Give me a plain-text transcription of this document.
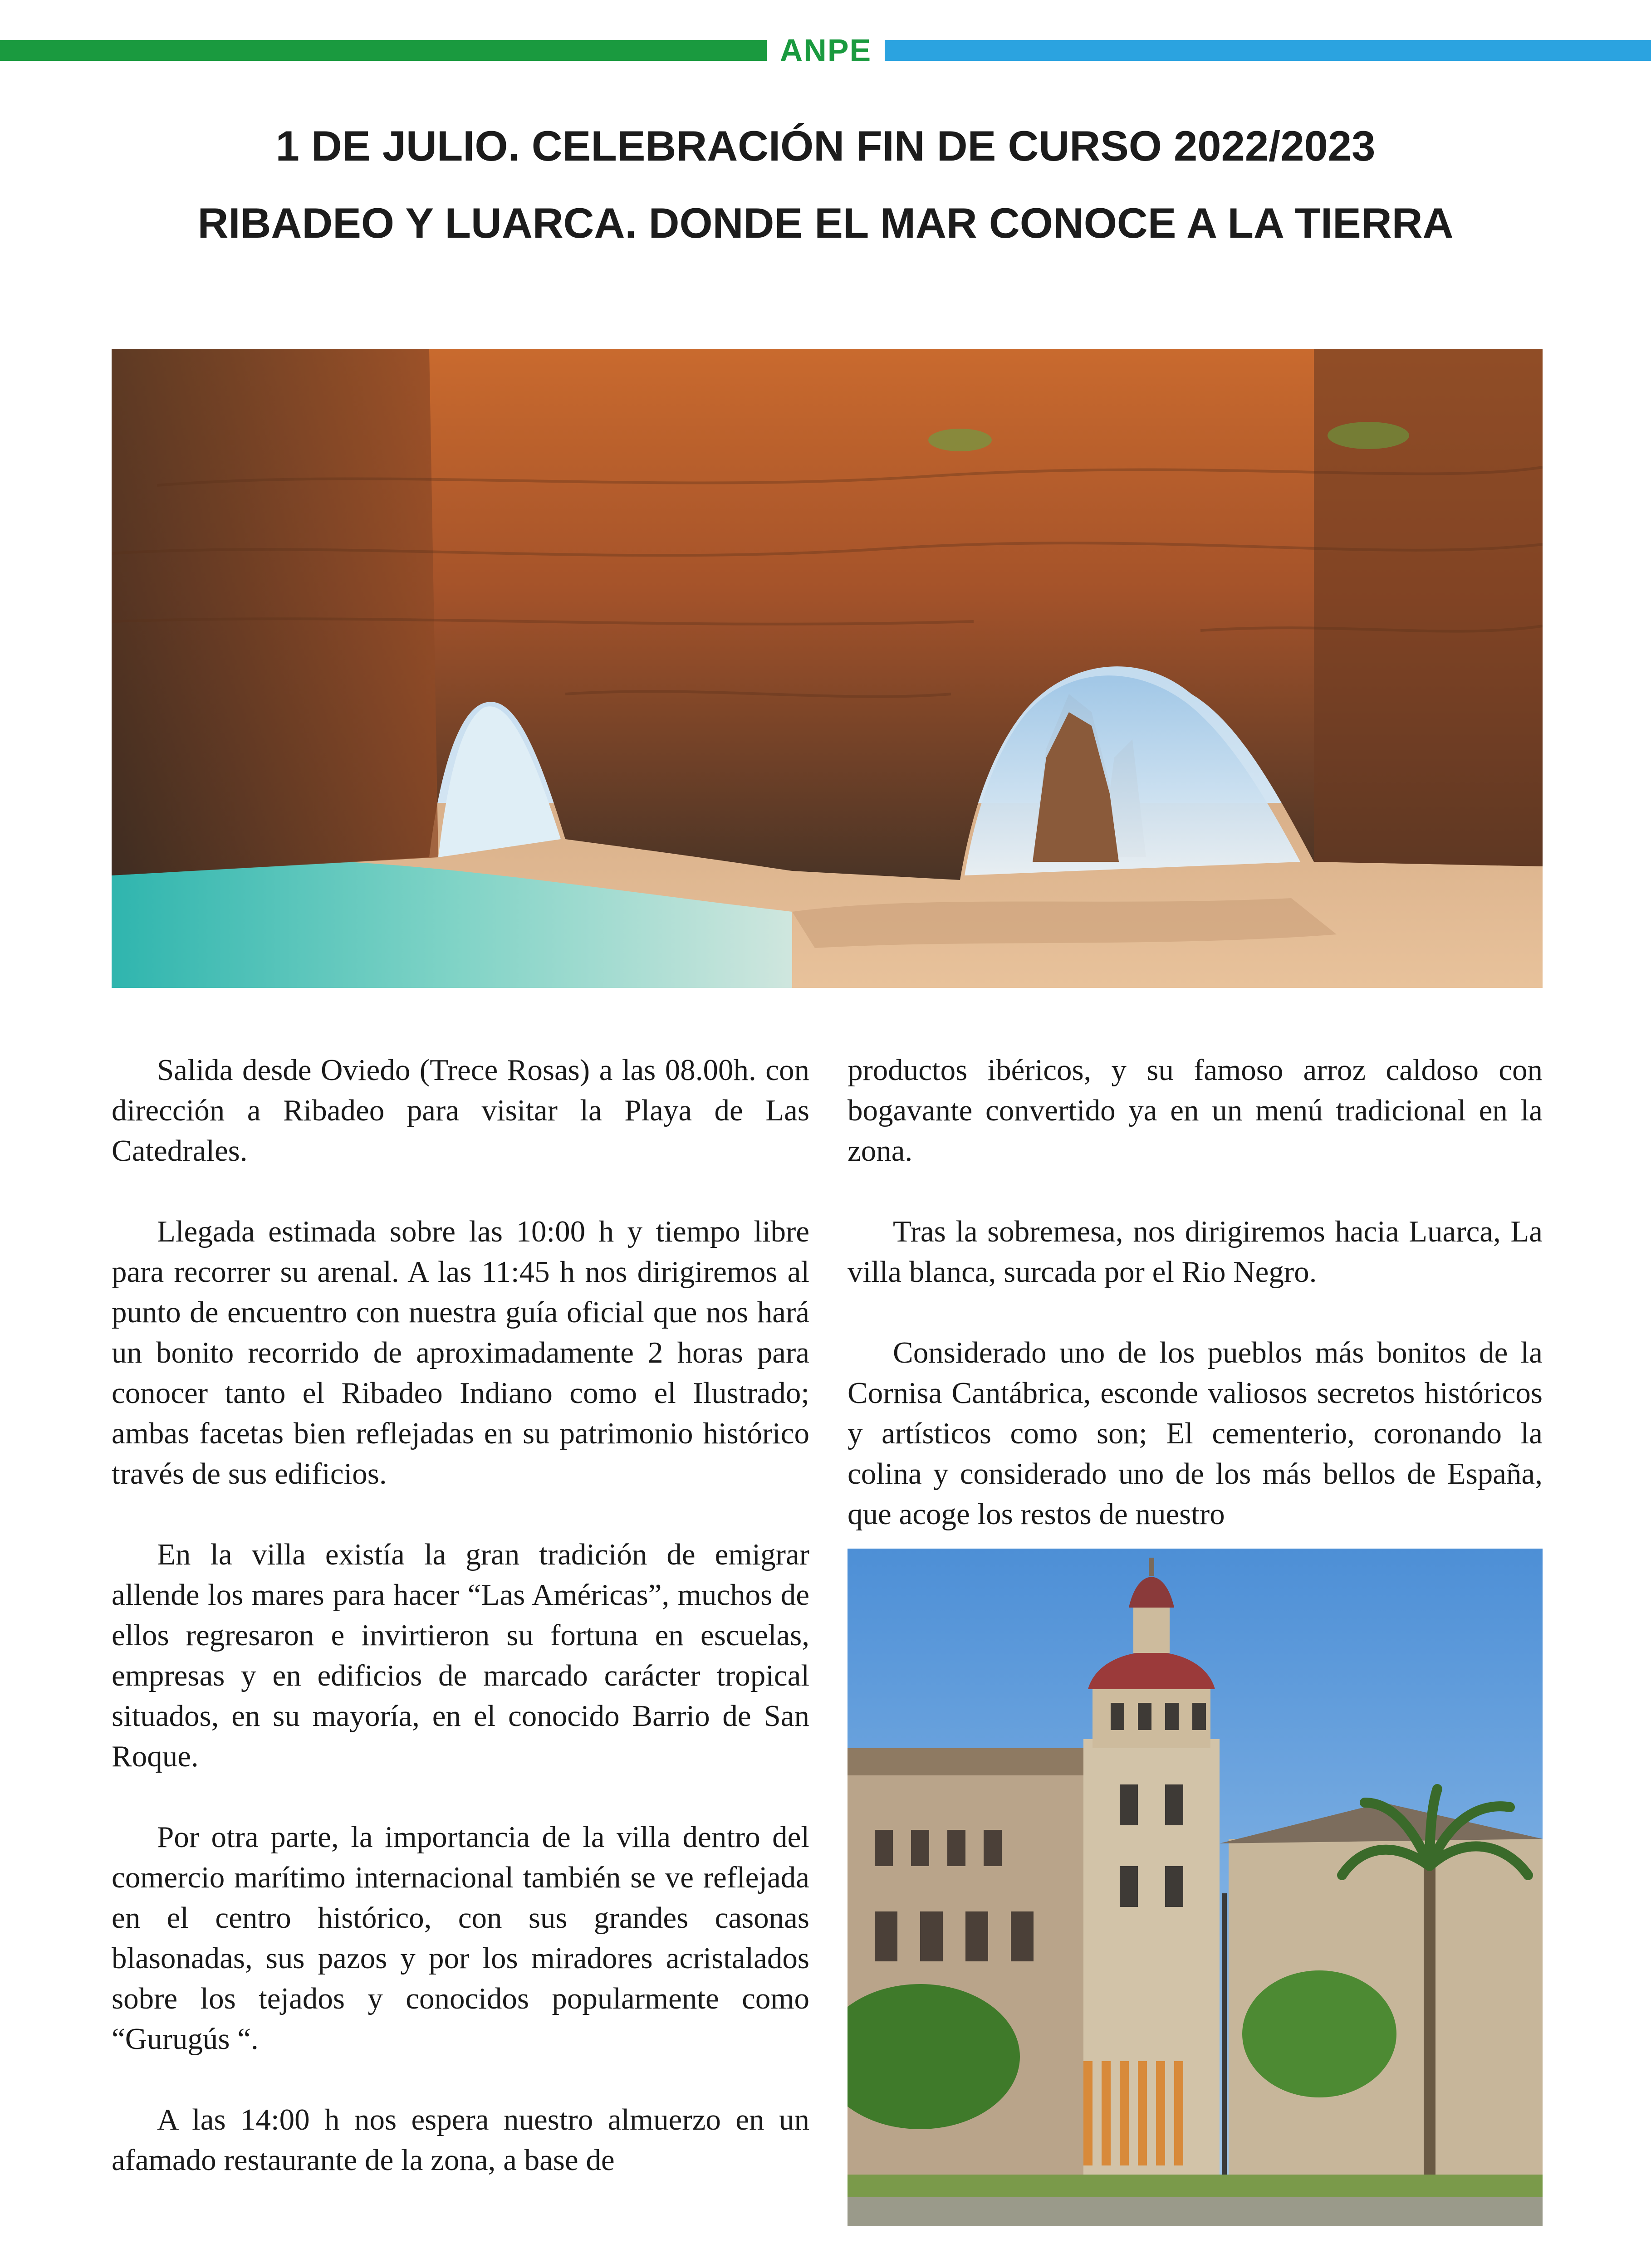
ANPE
1 DE JULIO. CELEBRACIÓN FIN DE CURSO 2022/2023
RIBADEO Y LUARCA. DONDE EL MAR CONOCE A LA TIERRA

Salida desde Oviedo (Trece Rosas) a las 08.00h. con dirección a Ribadeo para visitar la Playa de Las Catedrales.

Llegada estimada sobre las 10:00 h y tiempo libre para recorrer su arenal. A las 11:45 h nos dirigiremos al punto de encuentro con nuestra guía oficial que nos hará un bonito recorrido de aproximadamente 2 horas para conocer tanto el Ribadeo Indiano como el Ilustrado; ambas facetas bien reflejadas en su patrimonio histórico través de sus edificios.

En la villa existía la gran tradición de emigrar allende los mares para hacer “Las Américas”, muchos de ellos regresaron e invirtieron su fortuna en escuelas, empresas y en edificios de marcado carácter tropical situados, en su mayoría, en el conocido Barrio de San Roque.

Por otra parte, la importancia de la villa dentro del comercio marítimo internacional también se ve reflejada en el centro histórico, con sus grandes casonas blasonadas, sus pazos y por los miradores acristalados sobre los tejados y conocidos popularmente como “Gurugús “.

A las 14:00 h nos espera nuestro almuerzo en un afamado restaurante de la zona, a base de

productos ibéricos, y su famoso arroz caldoso con bogavante convertido ya en un menú tradicional en la zona.

Tras la sobremesa, nos dirigiremos hacia Luarca, La villa blanca, surcada por el Rio Negro.

Considerado uno de los pueblos más bonitos de la Cornisa Cantábrica, esconde valiosos secretos históricos y artísticos como son; El cementerio, coronando la colina y considerado uno de los más bellos de España, que acoge los restos de nuestro
